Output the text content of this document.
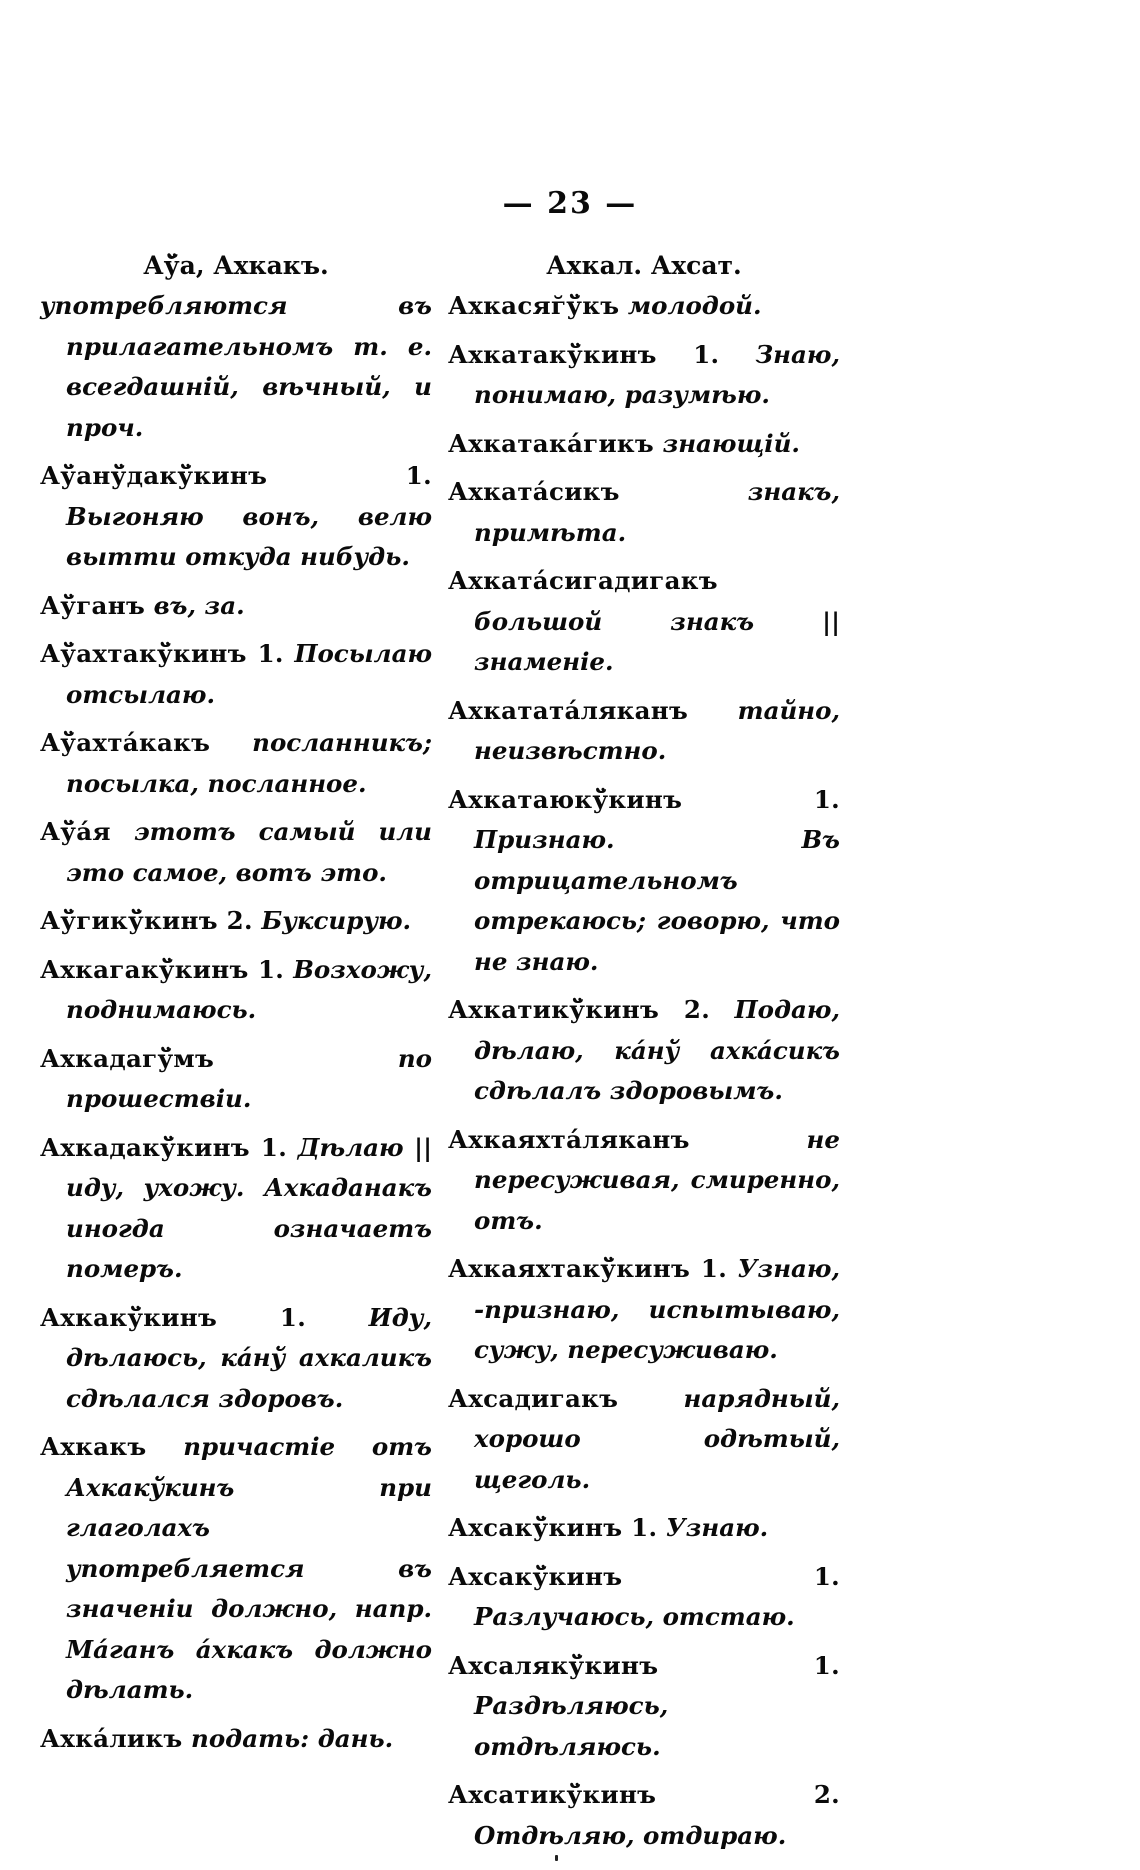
— 23 —
Аў̆а, Ахкакъ.

употребляются въ прилагательномъ т. е. всегдашній, вѣчный, и проч.

Аў̆анў̆дакў̆кинъ 1. Выгоняю вонъ, велю вытти откуда нибудь.

Аў̆ганъ въ, за.

Аў̆ахтакў̆кинъ 1. Посылаю отсылаю.

Аў̆ахтáкакъ посланникъ; посылка, посланное.

Аў̆áя этотъ самый или это самое, вотъ это.

Аў̆гикў̆кинъ 2. Буксирую.

Ахкагакў̆кинъ 1. Возхожу, поднимаюсь.

Ахкадагў̆мъ	по прошествіи.

Ахкадакў̆кинъ 1. Дѣлаю || иду, ухожу. Ахкаданакъ иногда означаетъ померъ.

Ахкакў̆кинъ 1.	Иду, дѣлаюсь, кáнў̆ ахкаликъ сдѣлался здоровъ.

Ахкакъ причастіе отъ Ахкакў̆кинъ при глаголахъ употребляется въ значеніи должно, напр. Мáганъ áхкакъ должно дѣлать.

Ахкáликъ подать: дань.

Ахкал. Ахсат.

Ахкасяг̆ў̆къ молодой.

Ахкатакў̆кинъ 1. Знаю, понимаю, разумѣю.

Ахкатакáгикъ знающій.

Ахкатáсикъ	знакъ, примѣта.

Ахкатáсигадигакъ большой знакъ || знаменіе.

Ахкататáляканъ тайно, неизвѣстно.

Ахкатаюкў̆кинъ 1. Признаю. Въ отрицательномъ отрекаюсь; говорю, что не знаю.

Ахкатикў̆кинъ 2. Подаю, дѣлаю, кáнў̆ ахкáсикъ сдѣлалъ здоровымъ.

Ахкаяхтáляканъ	не пересуживая, смиренно, отъ.

Ахкаяхтакў̆кинъ 1. Узнаю, -признаю, испытываю, сужу, пересуживаю.

Ахсадигакъ	нарядный, хорошо одѣтый, щеголь.

Ахсакў̆кинъ 1. Узнаю.

Ахсакў̆кинъ 1. Разлучаюсь, отстаю.

Ахсалякў̆кинъ 1. Раздѣляюсь, отдѣляюсь.

Ахсатикў̆кинъ 2. Отдѣляю, отдираю.
